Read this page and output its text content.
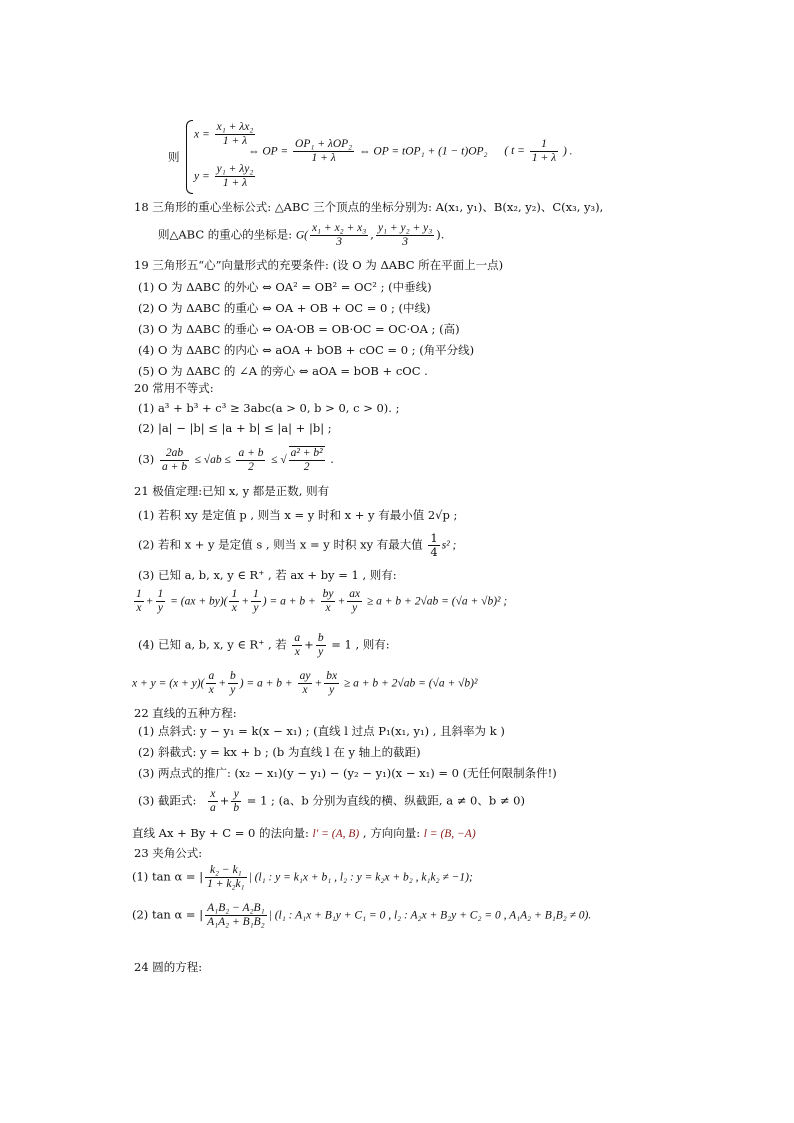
则
$x = \frac{\text{x₁ + λx₂}}{1 + \lambda}$
$y = \frac{\text{y₁ + λy₂}}{1 + \lambda}$
⇔ OP = $\frac{\text{OP₁ + λOP₂}}{1 + \lambda}$ ⇔ OP = tOP₁ + (1 − t)OP₂ ( $t = \frac{1}{1 + \lambda}$ ) .
18 三角形的重心坐标公式: △ABC 三个顶点的坐标分别为: A(x₁, y₁)、B(x₂, y₂)、C(x₃, y₃),
则△ABC 的重心的坐标是: $G( \frac{\text{x₁ + x₂ + x₃}}{3}$ , $\frac{\text{y₁ + y₂ + y₃}}{3}$ ).
19 三角形五“心”向量形式的充要条件: (设 O 为 ΔABC 所在平面上一点)
(1) O 为 ΔABC 的外心 ⇔ OA² = OB² = OC² ; (中垂线)
(2) O 为 ΔABC 的重心 ⇔ OA + OB + OC = 0 ; (中线)
(3) O 为 ΔABC 的垂心 ⇔ OA·OB = OB·OC = OC·OA ; (高)
(4) O 为 ΔABC 的内心 ⇔ aOA + bOB + cOC = 0 ; (角平分线)
(5) O 为 ΔABC 的 ∠A 的旁心 ⇔ aOA = bOB + cOC .
20 常用不等式:
(1) a³ + b³ + c³ ≥ 3abc(a > 0, b > 0, c > 0). ;
(2) |a| − |b| ≤ |a + b| ≤ |a| + |b| ;
$(3) \frac{2ab}{a + b} \le √ab \le \frac{a + b}{2}$ ≤ √ $\frac{\text{a² + b²}}{2}$ .
21 极值定理:已知 x, y 都是正数, 则有
(1) 若积 xy 是定值 p , 则当 x = y 时和 x + y 有最小值 2√p ;
(2) 若和 x + y 是定值 s , 则当 x = y 时积 xy 有最大值 $\frac{1}{4} s^2$ ;
(3) 已知 a, b, x, y ∈ R⁺ , 若 ax + by = 1 , 则有:
$\frac{1}{x} + \frac{1}{y} = (ax + by)( \frac{1}{x} + \frac{1}{y}$ ) = $a + b + \frac{by}{x} + \frac{ax}{y} \ge a + b + 2√ab = (√a + √b)^2$ ;
(4) 已知 a, b, x, y ∈ R⁺ , 若 $\frac{a}{x} + \frac{b}{y} = 1$ , 则有:
$x + y = (x + y)( \frac{a}{x} + \frac{b}{y}$ ) = $a + b + \frac{ay}{x} + \frac{bx}{y} \ge a + b + 2√ab = (√a + √b)^2$
22 直线的五种方程:
(1) 点斜式: y − y₁ = k(x − x₁) ; (直线 l 过点 P₁(x₁, y₁) , 且斜率为 k )
(2) 斜截式: y = kx + b ; (b 为直线 l 在 y 轴上的截距)
(3) 两点式的推广: (x₂ − x₁)(y − y₁) − (y₂ − y₁)(x − x₁) = 0 (无任何限制条件!)
(3) 截距式: $\frac{x}{a} + \frac{y}{b} = 1$ ; (a、b 分别为直线的横、纵截距, a ≠ 0、b ≠ 0)
直线 Ax + By + C = 0 的法向量: l′ = (A, B) , 方向向量: l = (B, −A)
23 夹角公式:
(1) tan α = | $\frac{\text{k₂ − k₁}}{\text{1 + k₂k₁}}$ | (l₁ : y = k₁x + b₁ , l₂ : y = k₂x + b₂ , k₁k₂ ≠ −1);
(2) tan α = | $\frac{\text{A₁B₂ − A₂B₁}}{\text{A₁A₂ + B₁B₂}}$ | (l₁ : A₁x + B₁y + C₁ = 0 , l₂ : A₂x + B₂y + C₂ = 0 , A₁A₂ + B₁B₂ ≠ 0).
24 圆的方程:
